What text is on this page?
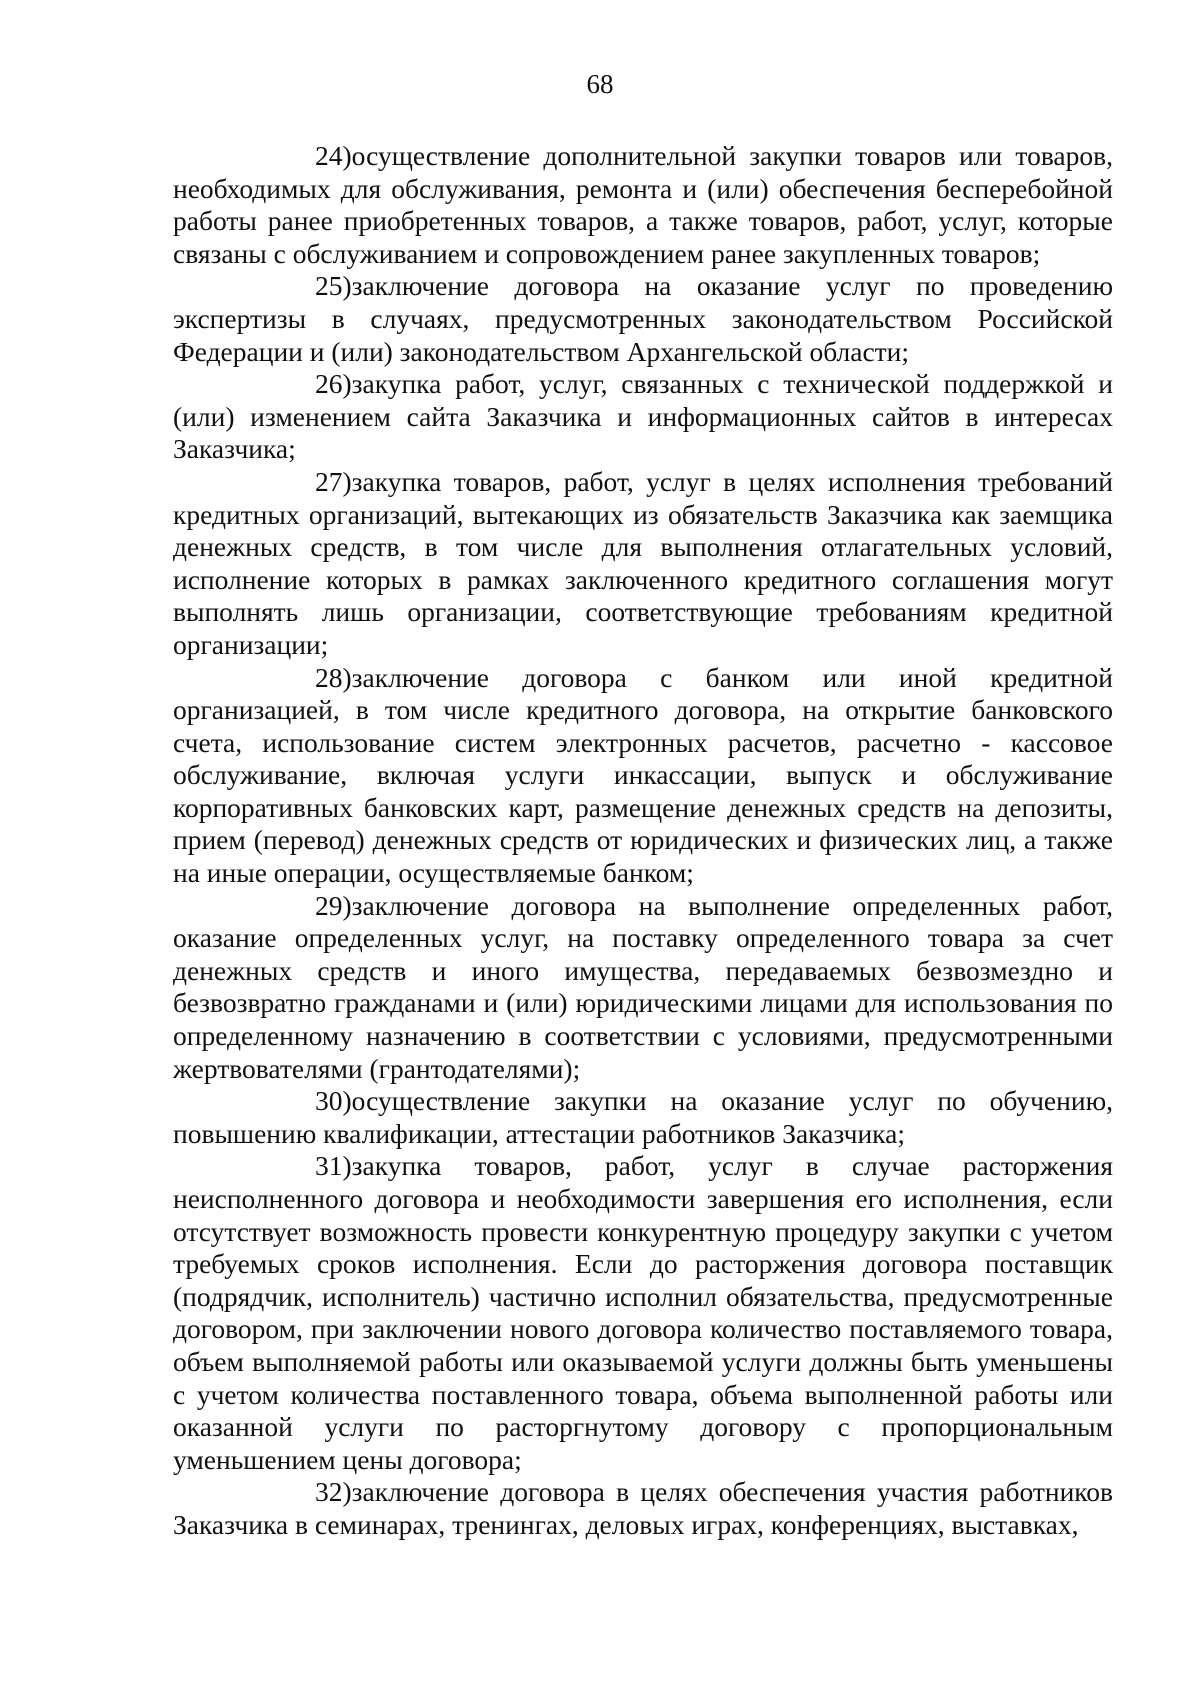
68

24)осуществление дополнительной закупки товаров или товаров, необходимых для обслуживания, ремонта и (или) обеспечения бесперебойной работы ранее приобретенных товаров, а также товаров, работ, услуг, которые связаны с обслуживанием и сопровождением ранее закупленных товаров;

25)заключение договора на оказание услуг по проведению экспертизы в случаях, предусмотренных законодательством Российской Федерации и (или) законодательством Архангельской области;

26)закупка работ, услуг, связанных с технической поддержкой и (или) изменением сайта Заказчика и информационных сайтов в интересах Заказчика;

27)закупка товаров, работ, услуг в целях исполнения требований кредитных организаций, вытекающих из обязательств Заказчика как заемщика денежных средств, в том числе для выполнения отлагательных условий, исполнение которых в рамках заключенного кредитного соглашения могут выполнять лишь организации, соответствующие требованиям кредитной организации;

28)заключение договора с банком или иной кредитной организацией, в том числе кредитного договора, на открытие банковского счета, использование систем электронных расчетов, расчетно - кассовое обслуживание, включая услуги инкассации, выпуск и обслуживание корпоративных банковских карт, размещение денежных средств на депозиты, прием (перевод) денежных средств от юридических и физических лиц, а также на иные операции, осуществляемые банком;

29)заключение договора на выполнение определенных работ, оказание определенных услуг, на поставку определенного товара за счет денежных средств и иного имущества, передаваемых безвозмездно и безвозвратно гражданами и (или) юридическими лицами для использования по определенному назначению в соответствии с условиями, предусмотренными жертвователями (грантодателями);

30)осуществление закупки на оказание услуг по обучению, повышению квалификации, аттестации работников Заказчика;

31)закупка товаров, работ, услуг в случае расторжения неисполненного договора и необходимости завершения его исполнения, если отсутствует возможность провести конкурентную процедуру закупки с учетом требуемых сроков исполнения. Если до расторжения договора поставщик (подрядчик, исполнитель) частично исполнил обязательства, предусмотренные договором, при заключении нового договора количество поставляемого товара, объем выполняемой работы или оказываемой услуги должны быть уменьшены с учетом количества поставленного товара, объема выполненной работы или оказанной услуги по расторгнутому договору с пропорциональным уменьшением цены договора;

32)заключение договора в целях обеспечения участия работников Заказчика в семинарах, тренингах, деловых играх, конференциях, выставках,
